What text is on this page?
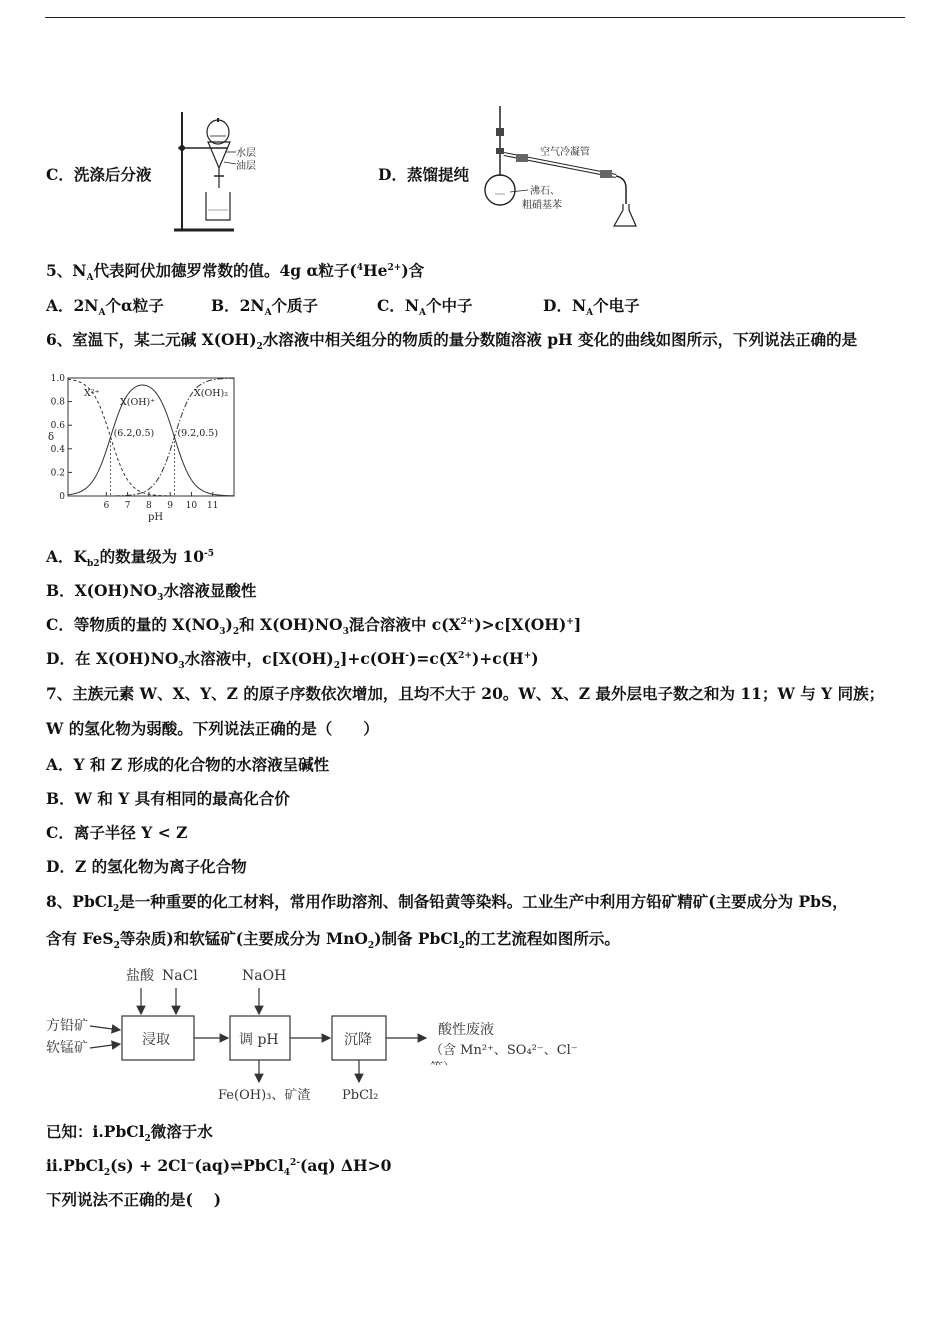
C．洗涤后分液
水层
油层	D．蒸馏提纯
空气冷凝管
沸石、
粗硝基苯
5、$N_A$代表阿伏加德罗常数的值。4g α粒子$(^4He^{2+})$含
A．$2N_A$个α粒子	B．$2N_A$个质子	C．$N_A$个中子	D．$N_A$个电子
6、室温下，某二元碱 $X(OH)_2$水溶液中相关组分的物质的量分数随溶液 pH 变化的曲线如图所示，下列说法正确的是
0
0.2
0.4
0.6
0.8
1.0
6 7 8 9 10 11
X²⁺
X(OH)⁺
X(OH)₂
(6.2,0.5) (9.2,0.5)
δ
pH
A．$K_{b2}$的数量级为 $10^{-5}$
B．$X(OH)NO_3$水溶液显酸性
C．等物质的量的 $X(NO_3)_2$和 $X(OH)NO_3$混合溶液中 $c(X^{2+})>c[X(OH)^+]$
D．在 $X(OH)NO_3$水溶液中，$c[X(OH)_2]+c(OH^-)=c(X^{2+})+c(H^+)$
7、主族元素 W、X、Y、Z 的原子序数依次增加，且均不大于 20。W、X、Z 最外层电子数之和为 11；W 与 Y 同族；
W 的氢化物为弱酸。下列说法正确的是（　　）
A．Y 和 Z 形成的化合物的水溶液呈碱性
B．W 和 Y 具有相同的最高化合价
C．离子半径 Y < Z
D．Z 的氢化物为离子化合物
8、PbCl$_2$是一种重要的化工材料，常用作助溶剂、制备铅黄等染料。工业生产中利用方铅矿精矿(主要成分为 PbS，
含有 FeS$_2$等杂质)和软锰矿(主要成分为 MnO$_2$)制备 PbCl$_2$的工艺流程如图所示。
盐酸 NaCl	NaOH
方铅矿
软锰矿	浸取	调 pH	沉降
酸性废液
（含 Mn²⁺、SO₄²⁻、Cl⁻
等）
Fe(OH)₃、矿渣 PbCl₂
已知：i.PbCl$_2$微溶于水
ii.PbCl$_2$(s) + 2Cl⁻(aq)⇌PbCl$_4^{2-}$(aq) ΔH>0
下列说法不正确的是(　 )
